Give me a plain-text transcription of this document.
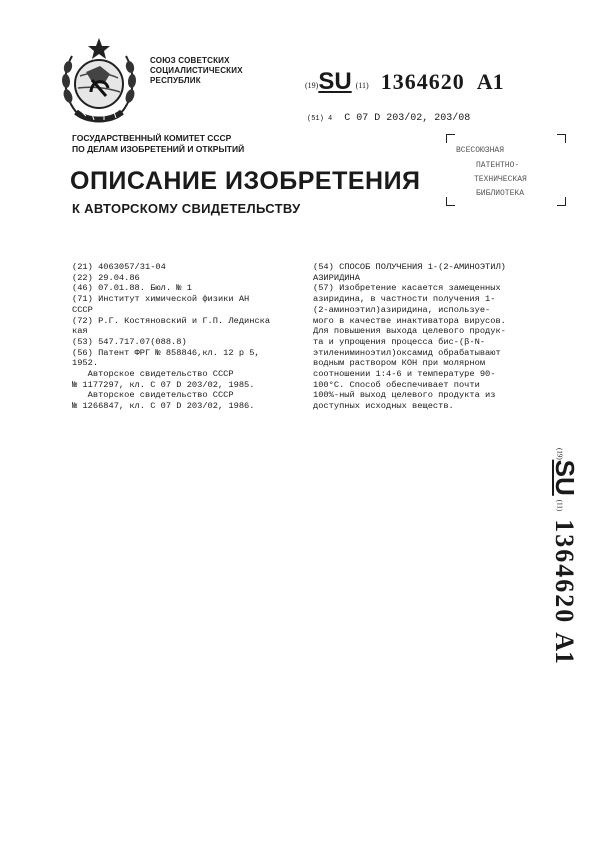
СОЮЗ СОВЕТСКИХ
СОЦИАЛИСТИЧЕСКИХ
РЕСПУБЛИК
(19)SU (11) 1364620 A1
(51) 4 C 07 D 203/02, 203/08
ГОСУДАРСТВЕННЫЙ КОМИТЕТ СССР
ПО ДЕЛАМ ИЗОБРЕТЕНИЙ И ОТКРЫТИЙ
ОПИСАНИЕ ИЗОБРЕТЕНИЯ
К АВТОРСКОМУ СВИДЕТЕЛЬСТВУ
ВСЕСОЮЗНАЯ
ПАТЕНТНО-
ТЕХНИЧЕСКАЯ
БИБЛИОТЕКА
(21) 4063057/31-04
(22) 29.04.86
(46) 07.01.88. Бюл. № 1
(71) Институт химической физики АН
СССР
(72) Р.Г. Костяновский и Г.П. Лединска
кая
(53) 547.717.07(088.8)
(56) Патент ФРГ № 858846,кл. 12 р 5,
1952.
Авторское свидетельство СССР
№ 1177297, кл. С 07 D 203/02, 1985.
Авторское свидетельство СССР
№ 1266847, кл. С 07 D 203/02, 1986.
(54) СПОСОБ ПОЛУЧЕНИЯ 1-(2-АМИНОЭТИЛ)
АЗИРИДИНА
(57) Изобретение касается замещенных
азиридина, в частности получения 1-
(2-аминоэтил)азиридина, используе-
мого в качестве инактиватора вирусов.
Для повышения выхода целевого продук-
та и упрощения процесса бис-(β-N-
этилениминоэтил)оксамид обрабатывают
водным раствором КОН при молярном
соотношении 1:4-6 и температуре 90-
100°С. Способ обеспечивает почти
100%-ный выход целевого продукта из
доступных исходных веществ.
(19)SU (11)  1364620  A1
